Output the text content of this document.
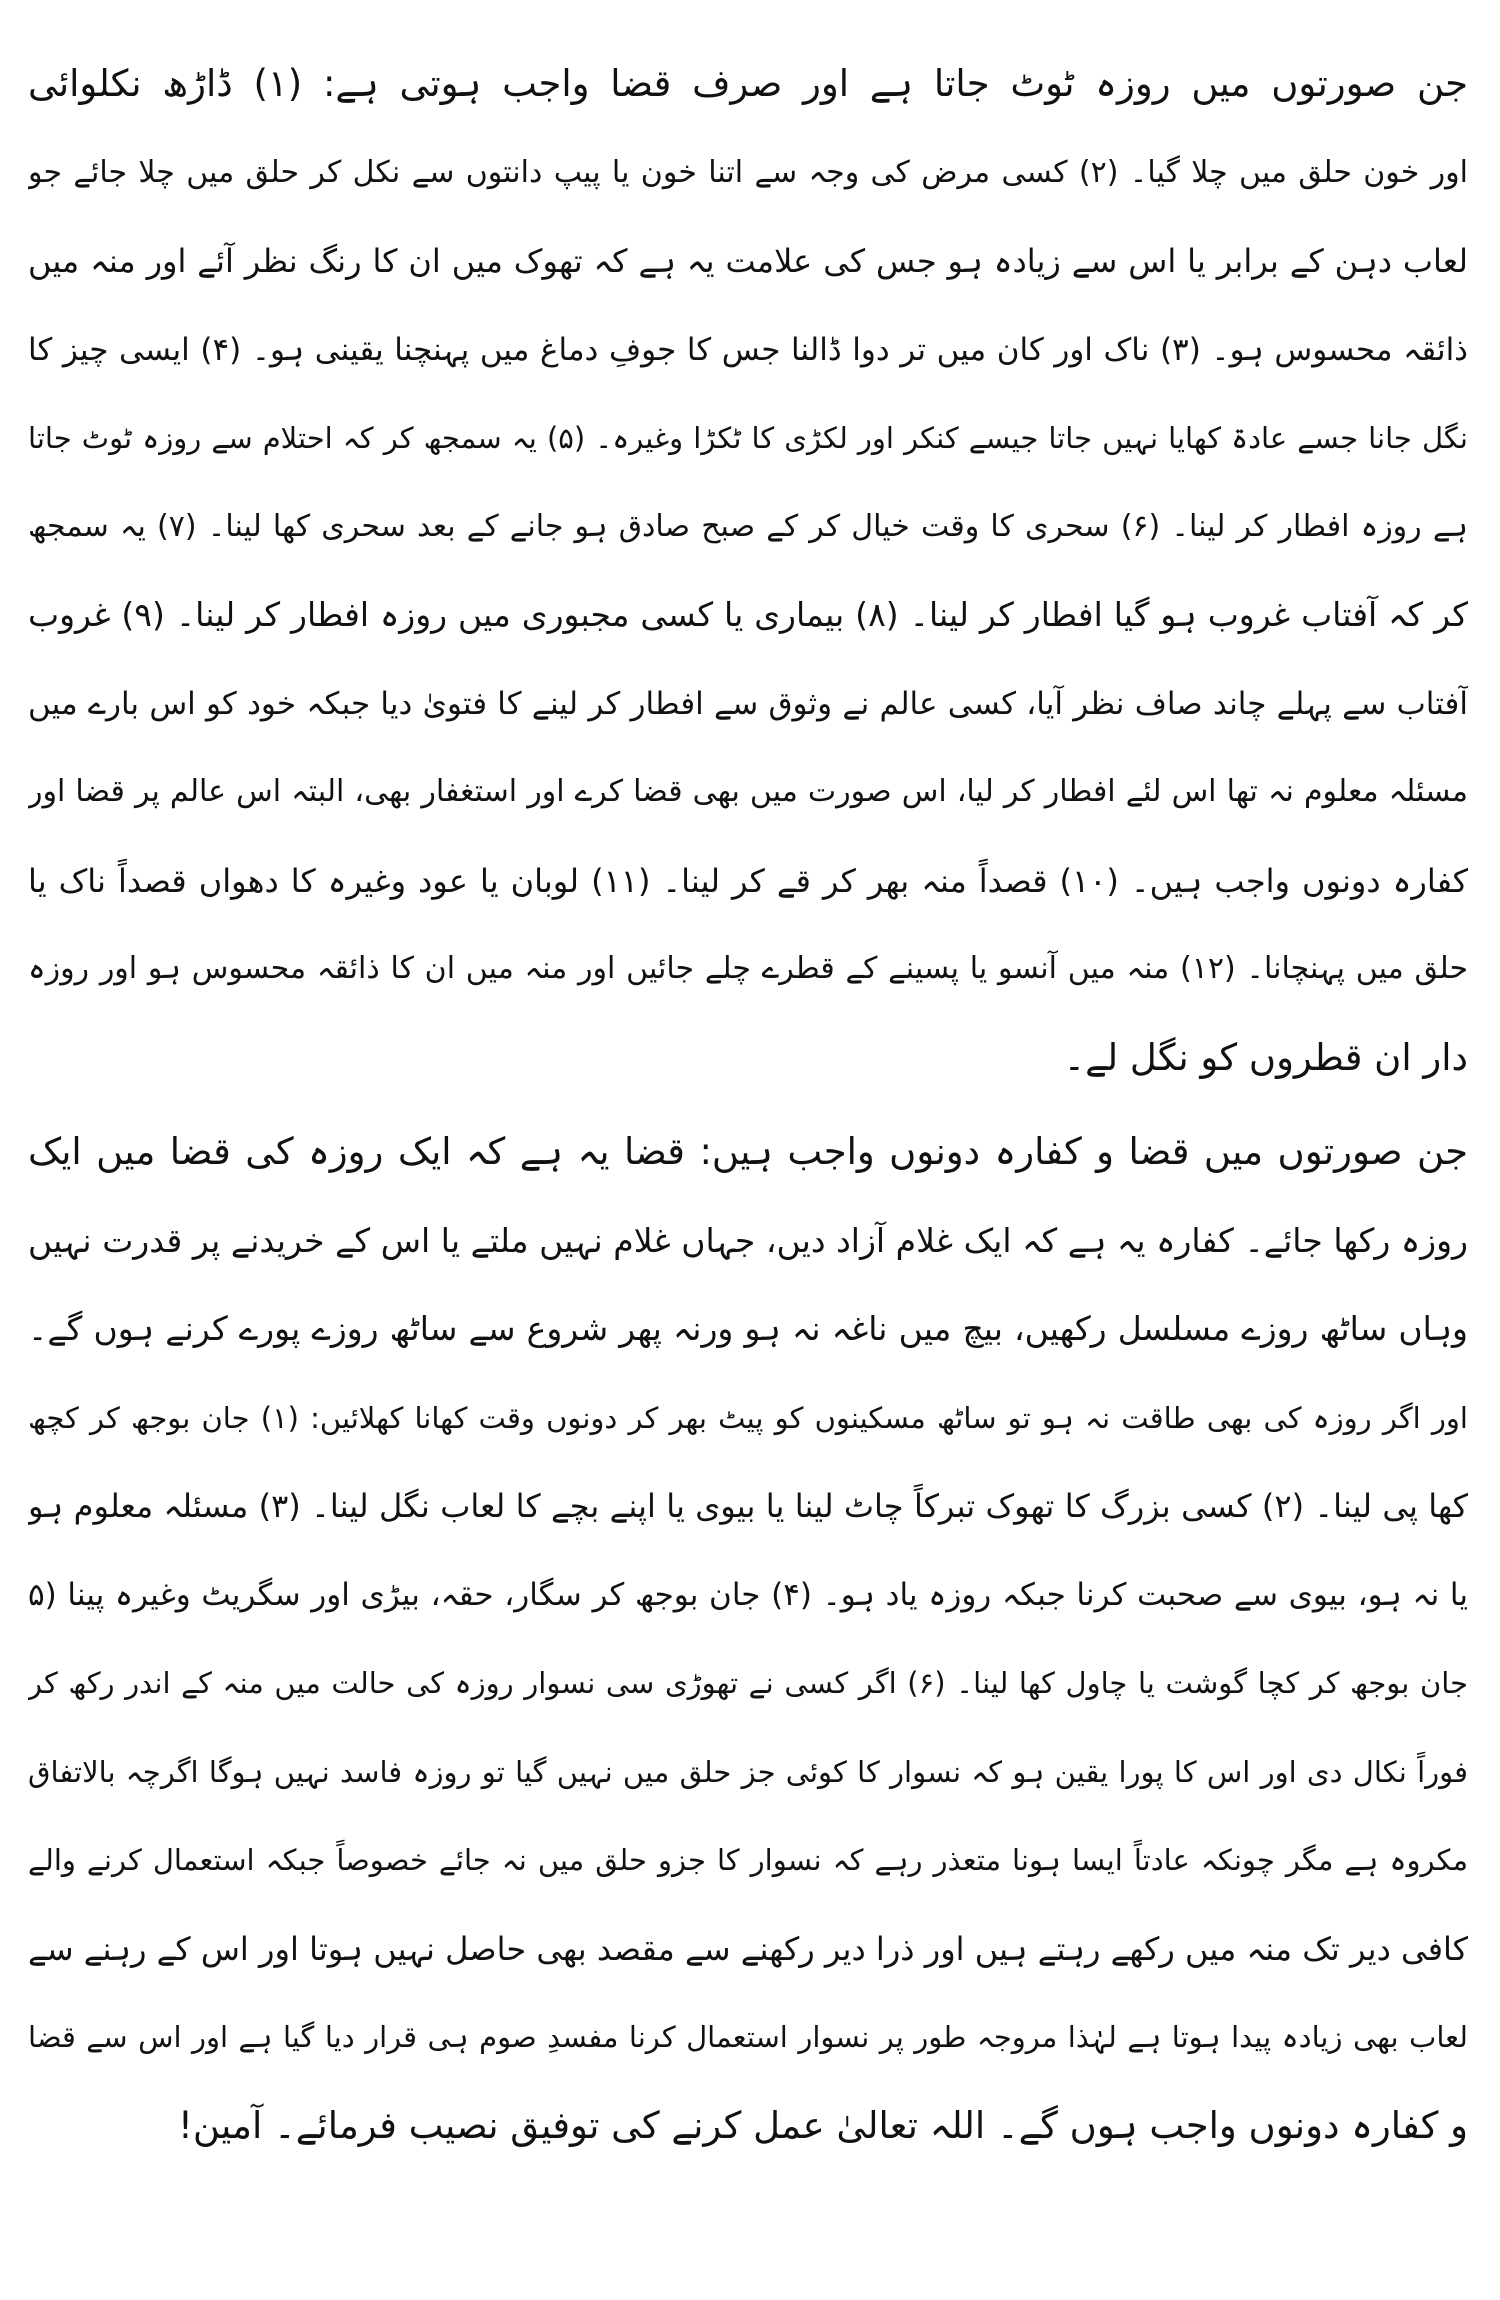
جن صورتوں میں روزہ ٹوٹ جاتا ہے اور صرف قضا واجب ہوتی ہے: (۱) ڈاڑھ نکلوائی
اور خون حلق میں چلا گیا۔ (۲) کسی مرض کی وجہ سے اتنا خون یا پیپ دانتوں سے نکل کر حلق میں چلا جائے جو
لعاب دہن کے برابر یا اس سے زیادہ ہو جس کی علامت یہ ہے کہ تھوک میں ان کا رنگ نظر آئے اور منہ میں
ذائقہ محسوس ہو۔ (۳) ناک اور کان میں تر دوا ڈالنا جس کا جوفِ دماغ میں پہنچنا یقینی ہو۔ (۴) ایسی چیز کا
نگل جانا جسے عادۃ کھایا نہیں جاتا جیسے کنکر اور لکڑی کا ٹکڑا وغیرہ۔ (۵) یہ سمجھ کر کہ احتلام سے روزہ ٹوٹ جاتا
ہے روزہ افطار کر لینا۔ (۶) سحری کا وقت خیال کر کے صبح صادق ہو جانے کے بعد سحری کھا لینا۔ (۷) یہ سمجھ
کر کہ آفتاب غروب ہو گیا افطار کر لینا۔ (۸) بیماری یا کسی مجبوری میں روزہ افطار کر لینا۔ (۹) غروب
آفتاب سے پہلے چاند صاف نظر آیا، کسی عالم نے وثوق سے افطار کر لینے کا فتویٰ دیا جبکہ خود کو اس بارے میں
مسئلہ معلوم نہ تھا اس لئے افطار کر لیا، اس صورت میں بھی قضا کرے اور استغفار بھی، البتہ اس عالم پر قضا اور
کفارہ دونوں واجب ہیں۔ (۱۰) قصداً منہ بھر کر قے کر لینا۔ (۱۱) لوبان یا عود وغیرہ کا دھواں قصداً ناک یا
حلق میں پہنچانا۔ (۱۲) منہ میں آنسو یا پسینے کے قطرے چلے جائیں اور منہ میں ان کا ذائقہ محسوس ہو اور روزہ
دار ان قطروں کو نگل لے۔
جن صورتوں میں قضا و کفارہ دونوں واجب ہیں: قضا یہ ہے کہ ایک روزہ کی قضا میں ایک
روزہ رکھا جائے۔ کفارہ یہ ہے کہ ایک غلام آزاد دیں، جہاں غلام نہیں ملتے یا اس کے خریدنے پر قدرت نہیں
وہاں ساٹھ روزے مسلسل رکھیں، بیچ میں ناغہ نہ ہو ورنہ پھر شروع سے ساٹھ روزے پورے کرنے ہوں گے۔
اور اگر روزہ کی بھی طاقت نہ ہو تو ساٹھ مسکینوں کو پیٹ بھر کر دونوں وقت کھانا کھلائیں: (۱) جان بوجھ کر کچھ
کھا پی لینا۔ (۲) کسی بزرگ کا تھوک تبرکاً چاٹ لینا یا بیوی یا اپنے بچے کا لعاب نگل لینا۔ (۳) مسئلہ معلوم ہو
یا نہ ہو، بیوی سے صحبت کرنا جبکہ روزہ یاد ہو۔ (۴) جان بوجھ کر سگار، حقہ، بیڑی اور سگریٹ وغیرہ پینا (۵
جان بوجھ کر کچا گوشت یا چاول کھا لینا۔ (۶) اگر کسی نے تھوڑی سی نسوار روزہ کی حالت میں منہ کے اندر رکھ کر
فوراً نکال دی اور اس کا پورا یقین ہو کہ نسوار کا کوئی جز حلق میں نہیں گیا تو روزہ فاسد نہیں ہوگا اگرچہ بالاتفاق
مکروہ ہے مگر چونکہ عادتاً ایسا ہونا متعذر رہے کہ نسوار کا جزو حلق میں نہ جائے خصوصاً جبکہ استعمال کرنے والے
کافی دیر تک منہ میں رکھے رہتے ہیں اور ذرا دیر رکھنے سے مقصد بھی حاصل نہیں ہوتا اور اس کے رہنے سے
لعاب بھی زیادہ پیدا ہوتا ہے لہٰذا مروجہ طور پر نسوار استعمال کرنا مفسدِ صوم ہی قرار دیا گیا ہے اور اس سے قضا
و کفارہ دونوں واجب ہوں گے۔ اللہ تعالیٰ عمل کرنے کی توفیق نصیب فرمائے۔ آمین!
